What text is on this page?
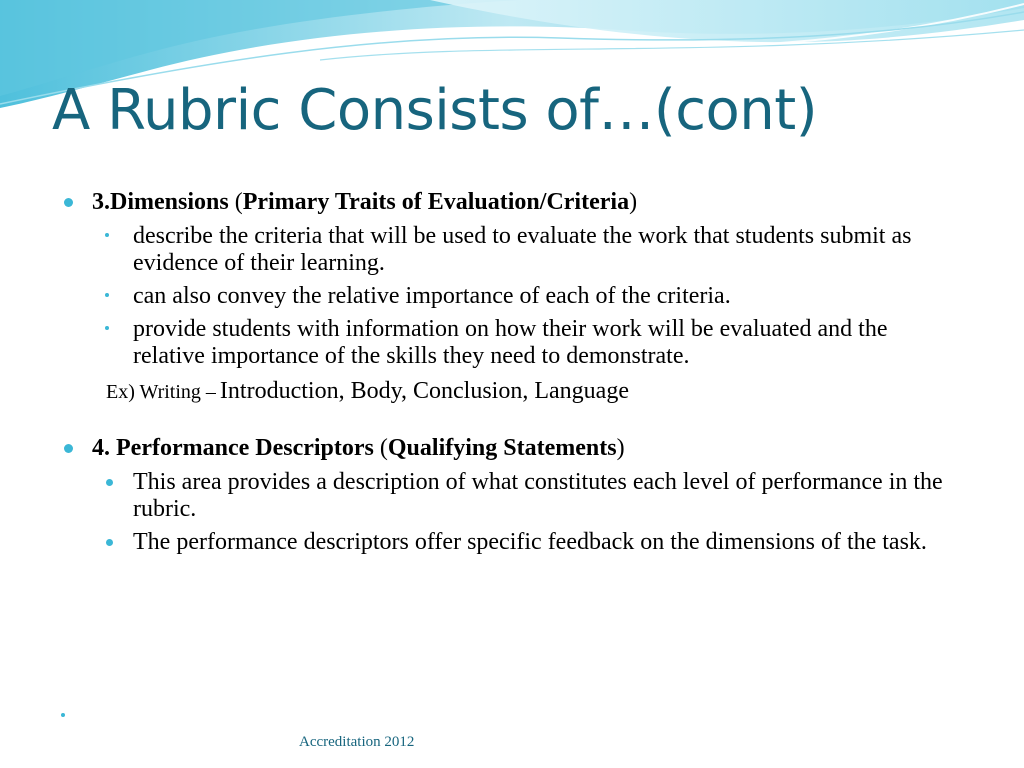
A Rubric Consists of…(cont)
3.Dimensions (Primary Traits of Evaluation/Criteria)
describe the criteria that will be used to evaluate the work that students submit as evidence of their learning.
can also convey the relative importance of each of the criteria.
provide students with information on how their work will be evaluated and the relative importance of the skills they need to demonstrate.
Ex) Writing – Introduction, Body, Conclusion, Language
4. Performance Descriptors (Qualifying Statements)
This area provides a description of what constitutes each level of performance in the rubric.
The performance descriptors offer specific feedback on the dimensions of the task.
Accreditation 2012
